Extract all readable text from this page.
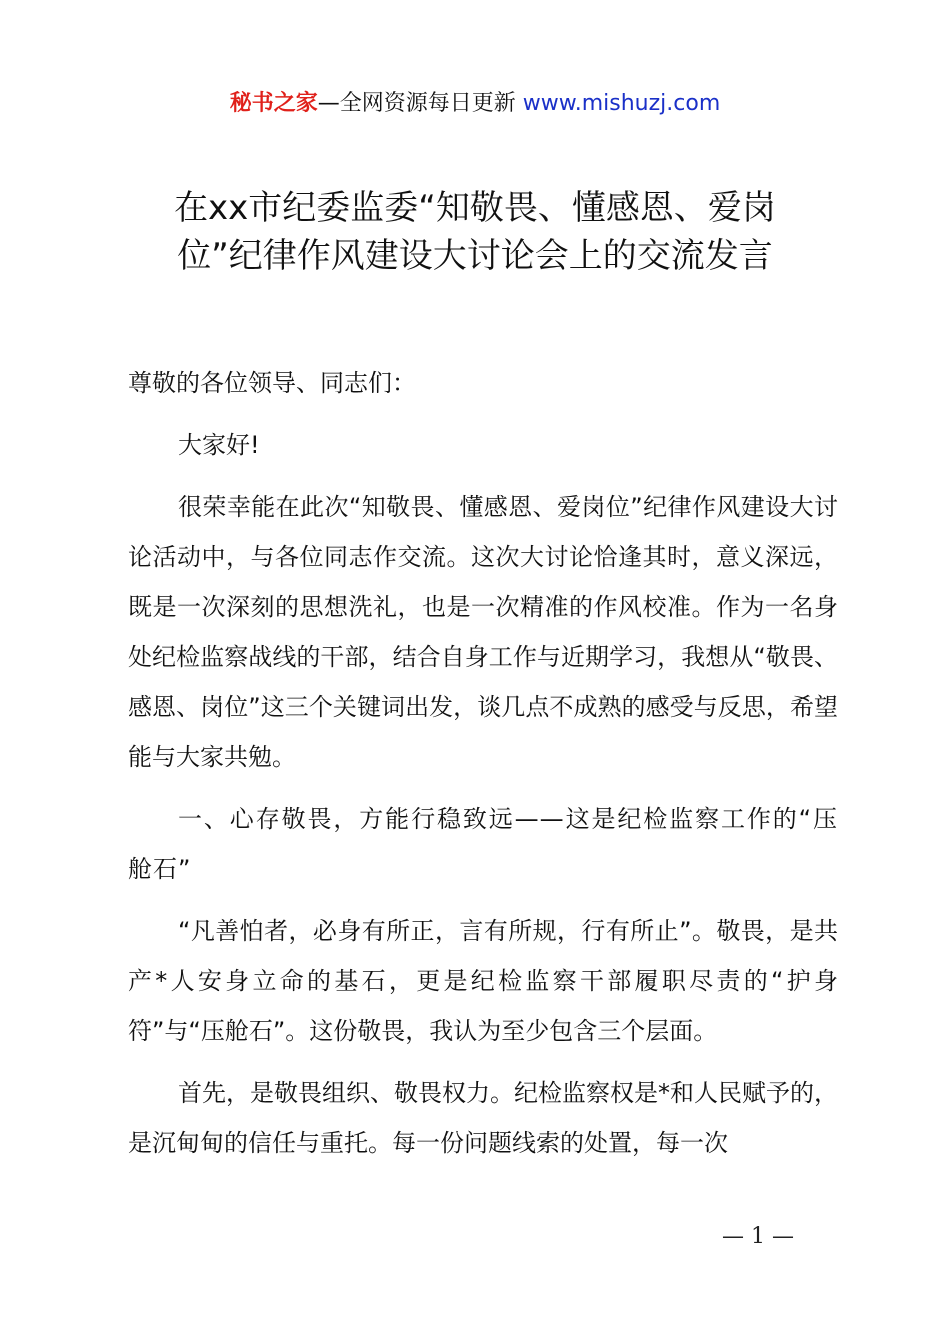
秘书之家—全网资源每日更新 www.mishuzj.com
在xx市纪委监委“知敬畏、懂感恩、爱岗
位”纪律作风建设大讨论会上的交流发言

尊敬的各位领导、同志们：

大家好!

很荣幸能在此次“知敬畏、懂感恩、爱岗位”纪律作风建设大讨论活动中，与各位同志作交流。这次大讨论恰逢其时，意义深远，既是一次深刻的思想洗礼，也是一次精准的作风校准。作为一名身处纪检监察战线的干部，结合自身工作与近期学习，我想从“敬畏、感恩、岗位”这三个关键词出发，谈几点不成熟的感受与反思，希望能与大家共勉。

一、心存敬畏，方能行稳致远——这是纪检监察工作的“压舱石”

“凡善怕者，必身有所正，言有所规，行有所止”。敬畏，是共产*人安身立命的基石，更是纪检监察干部履职尽责的“护身符”与“压舱石”。这份敬畏，我认为至少包含三个层面。

首先，是敬畏组织、敬畏权力。纪检监察权是*和人民赋予的，是沉甸甸的信任与重托。每一份问题线索的处置，每一次

— 1 —
